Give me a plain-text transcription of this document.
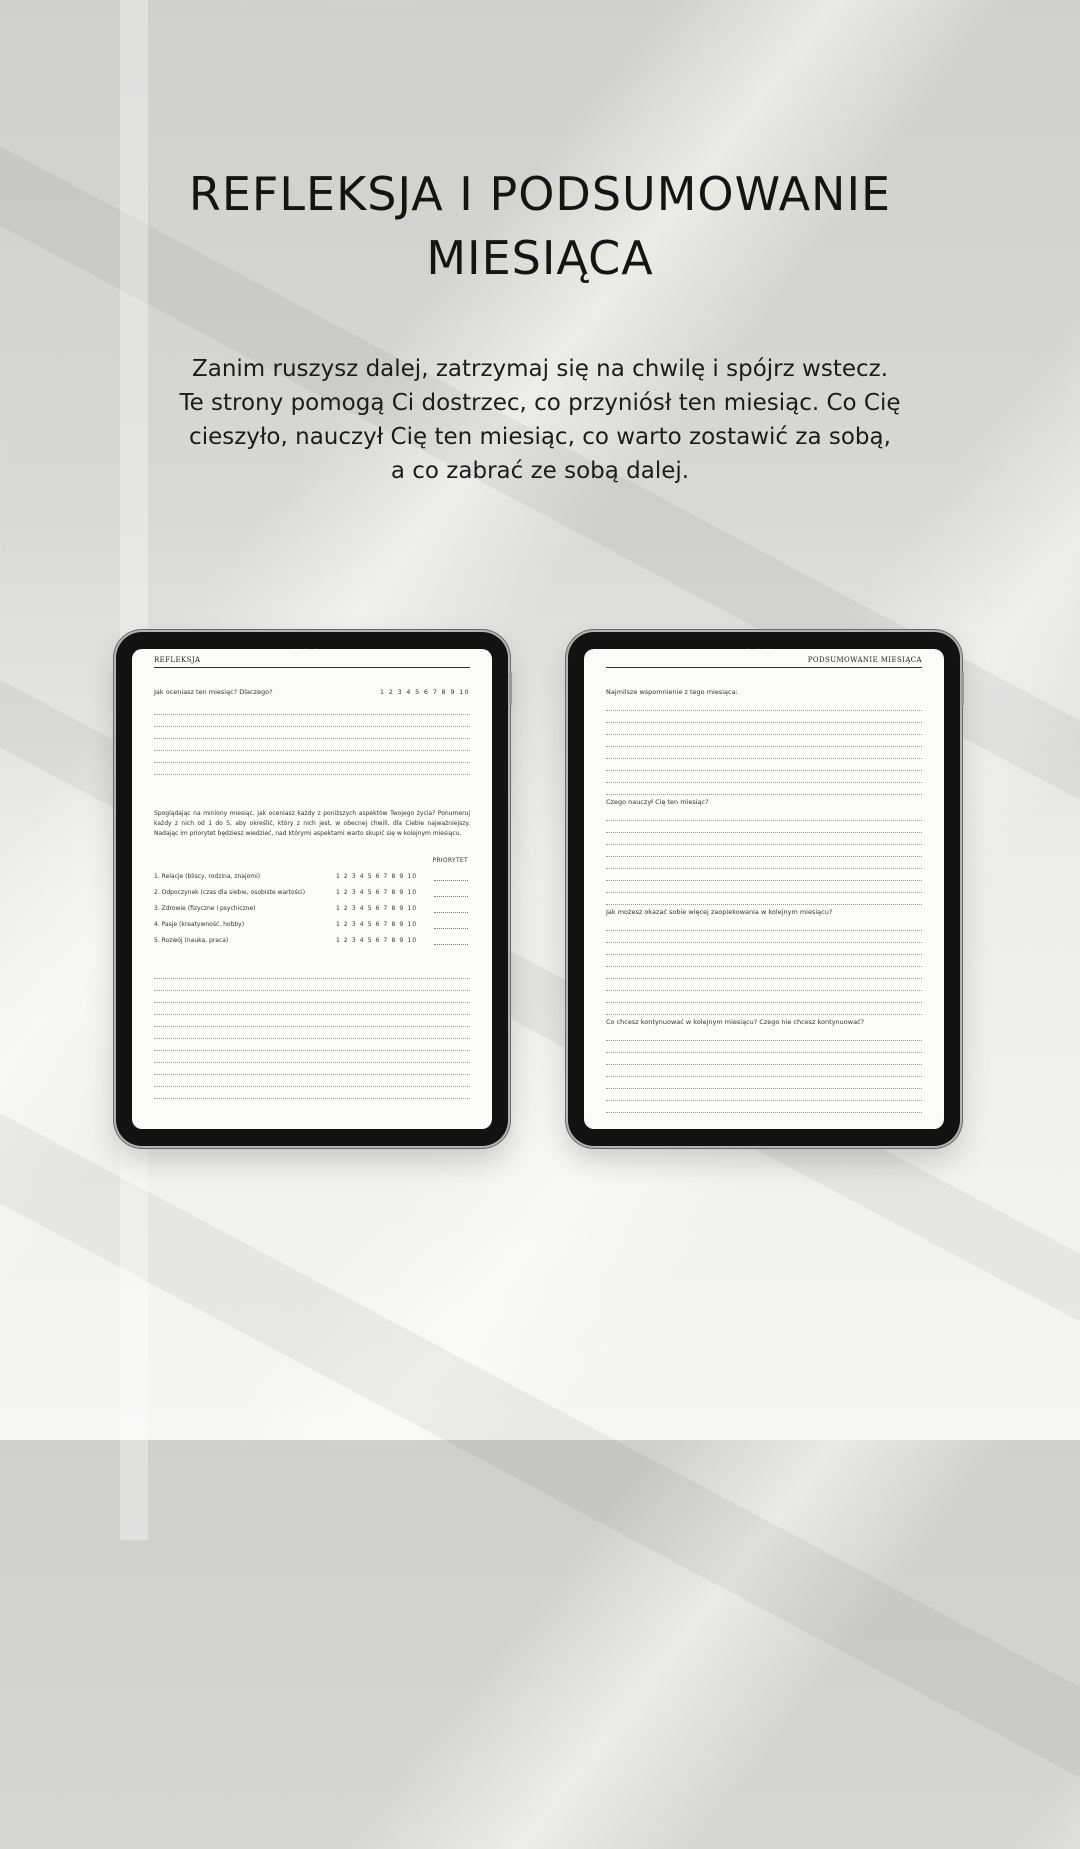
REFLEKSJA I PODSUMOWANIE
MIESIĄCA
Zanim ruszysz dalej, zatrzymaj się na chwilę i spójrz wstecz.
Te strony pomogą Ci dostrzec, co przyniósł ten miesiąc. Co Cię
cieszyło, nauczył Cię ten miesiąc, co warto zostawić za sobą,
a co zabrać ze sobą dalej.
REFLEKSJA
Jak oceniasz ten miesiąc? Dlaczego?	1 2 3 4 5 6 7 8 9 10
Spoglądając na miniony miesiąc. Jak oceniasz każdy z poniższych aspektów Twojego życia? Ponumeruj każdy z nich od 1 do 5, aby określić, który z nich jest, w obecnej chwili, dla Ciebie najważniejszy. Nadając im priorytet będziesz wiedzieć, nad którymi aspektami warto skupić się w kolejnym miesiącu.
PRIORYTET
1. Relacje (bliscy, rodzina, znajomi)	1 2 3 4 5 6 7 8 9 10
2. Odpoczynek (czas dla siebie, osobiste wartości)	1 2 3 4 5 6 7 8 9 10
3. Zdrowie (fizyczne i psychiczne)	1 2 3 4 5 6 7 8 9 10
4. Pasje (kreatywność, hobby)	1 2 3 4 5 6 7 8 9 10
5. Rozwój (nauka, praca)	1 2 3 4 5 6 7 8 9 10
PODSUMOWANIE MIESIĄCA
Najmilsze wspomnienie z tego miesiąca:
Czego nauczył Cię ten miesiąc?
Jak możesz okazać sobie więcej zaopiekowania w kolejnym miesiącu?
Co chcesz kontynuować w kolejnym miesiącu? Czego nie chcesz kontynuować?
